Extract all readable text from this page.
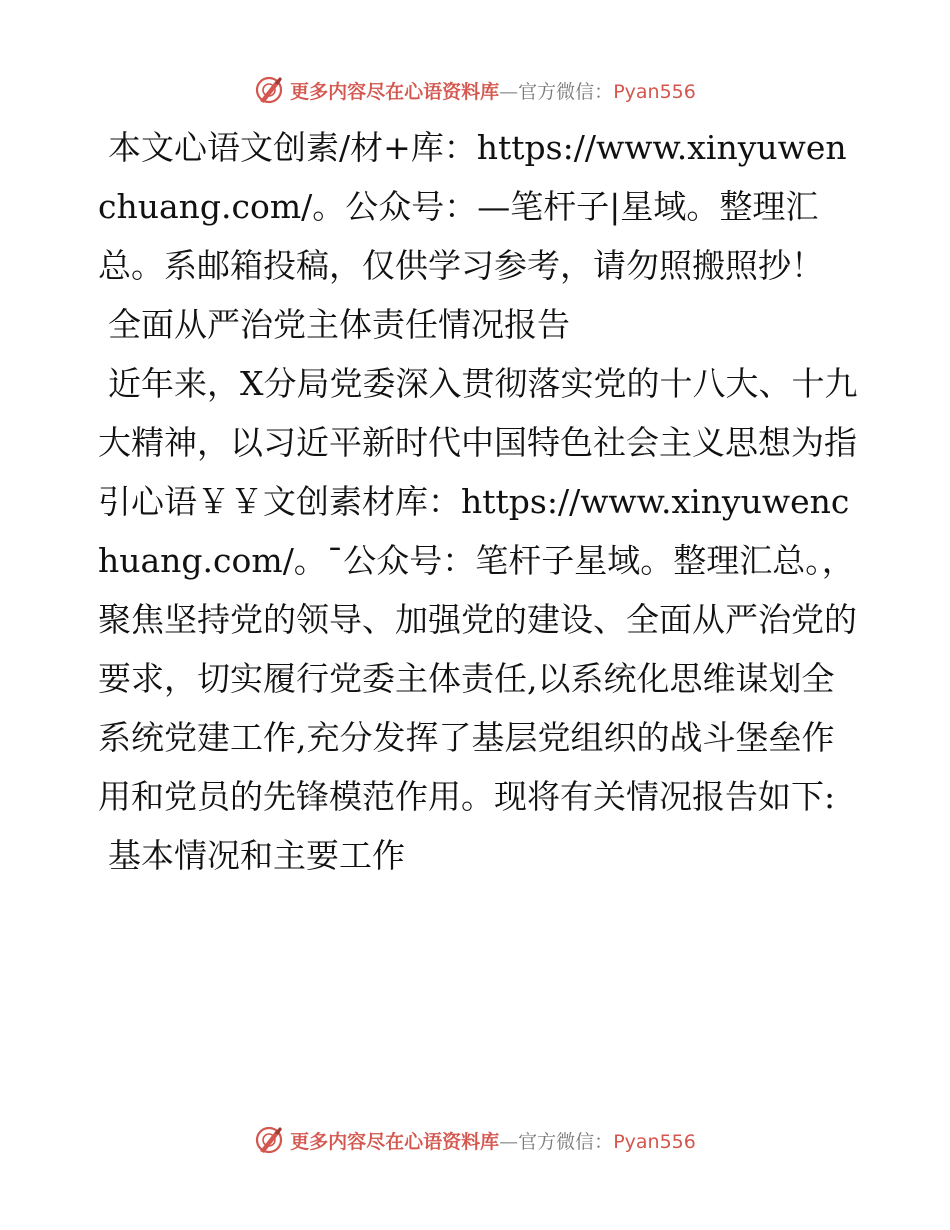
更多内容尽在心语资料库—官方微信：Pyan556

本文心语文创素/材+库：https://www.xinyuwenchuang.com/。公众号：—笔杆子|星域。整理汇总。系邮箱投稿，仅供学习参考，请勿照搬照抄！

全面从严治党主体责任情况报告

近年来，X分局党委深入贯彻落实党的十八大、十九大精神，以习近平新时代中国特色社会主义思想为指引心语￥￥文创素材库：https://www.xinyuwenchuang.com/。¯公众号：笔杆子星域。整理汇总。，聚焦坚持党的领导、加强党的建设、全面从严治党的要求，切实履行党委主体责任,以系统化思维谋划全系统党建工作,充分发挥了基层党组织的战斗堡垒作用和党员的先锋模范作用。现将有关情况报告如下:

基本情况和主要工作

更多内容尽在心语资料库—官方微信：Pyan556
